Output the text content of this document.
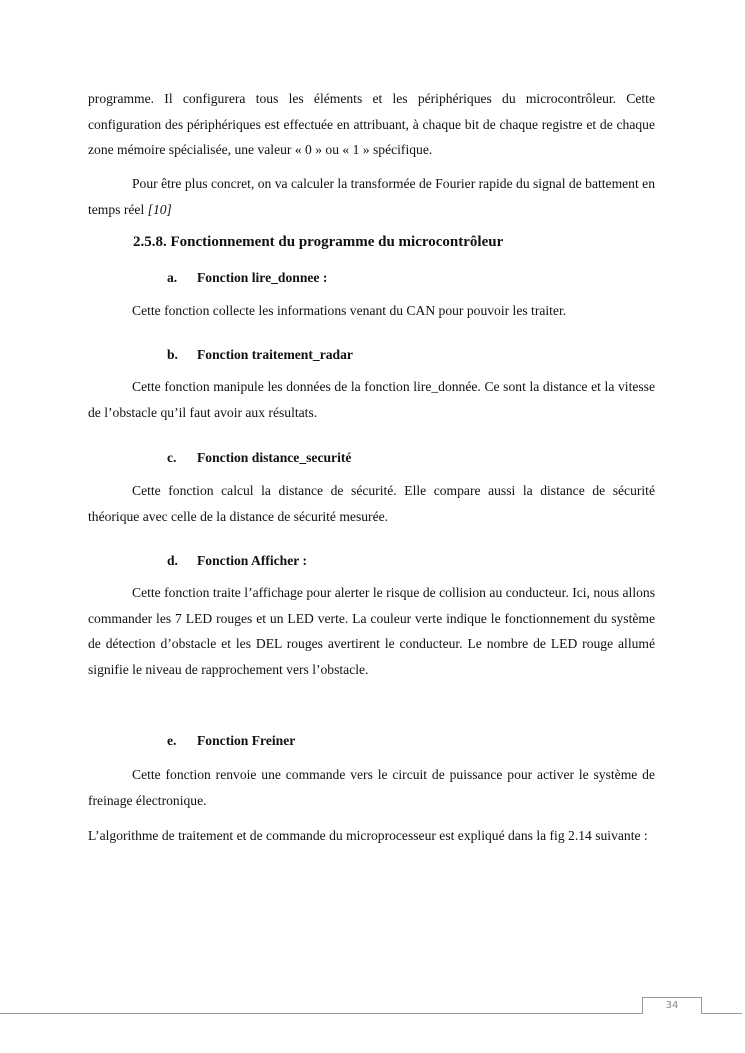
programme. Il configurera tous les éléments et les périphériques du microcontrôleur. Cette configuration des périphériques est effectuée en attribuant, à chaque bit de chaque registre et de chaque zone mémoire spécialisée, une valeur « 0 » ou « 1 » spécifique.

Pour être plus concret, on va calculer la transformée de Fourier rapide du signal de battement en temps réel [10]

2.5.8. Fonctionnement du programme du microcontrôleur
a. Fonction lire_donnee :

Cette fonction collecte les informations venant du CAN pour pouvoir les traiter.

b. Fonction traitement_radar

Cette fonction manipule les données de la fonction lire_donnée. Ce sont la distance et la vitesse de l’obstacle qu’il faut avoir aux résultats.

c. Fonction distance_securité

Cette fonction calcul la distance de sécurité. Elle compare aussi la distance de sécurité théorique avec celle de la distance de sécurité mesurée.

d. Fonction Afficher :

Cette fonction traite l’affichage pour alerter le risque de collision au conducteur. Ici, nous allons commander les 7 LED rouges et un LED verte. La couleur verte indique le fonctionnement du système de détection d’obstacle et les DEL rouges avertirent le conducteur. Le nombre de LED rouge allumé signifie le niveau de rapprochement vers l’obstacle.

e. Fonction Freiner

Cette fonction renvoie une commande vers le circuit de puissance pour activer le système de freinage électronique.

L’algorithme de traitement et de commande du microprocesseur est expliqué dans la fig 2.14 suivante :

34
